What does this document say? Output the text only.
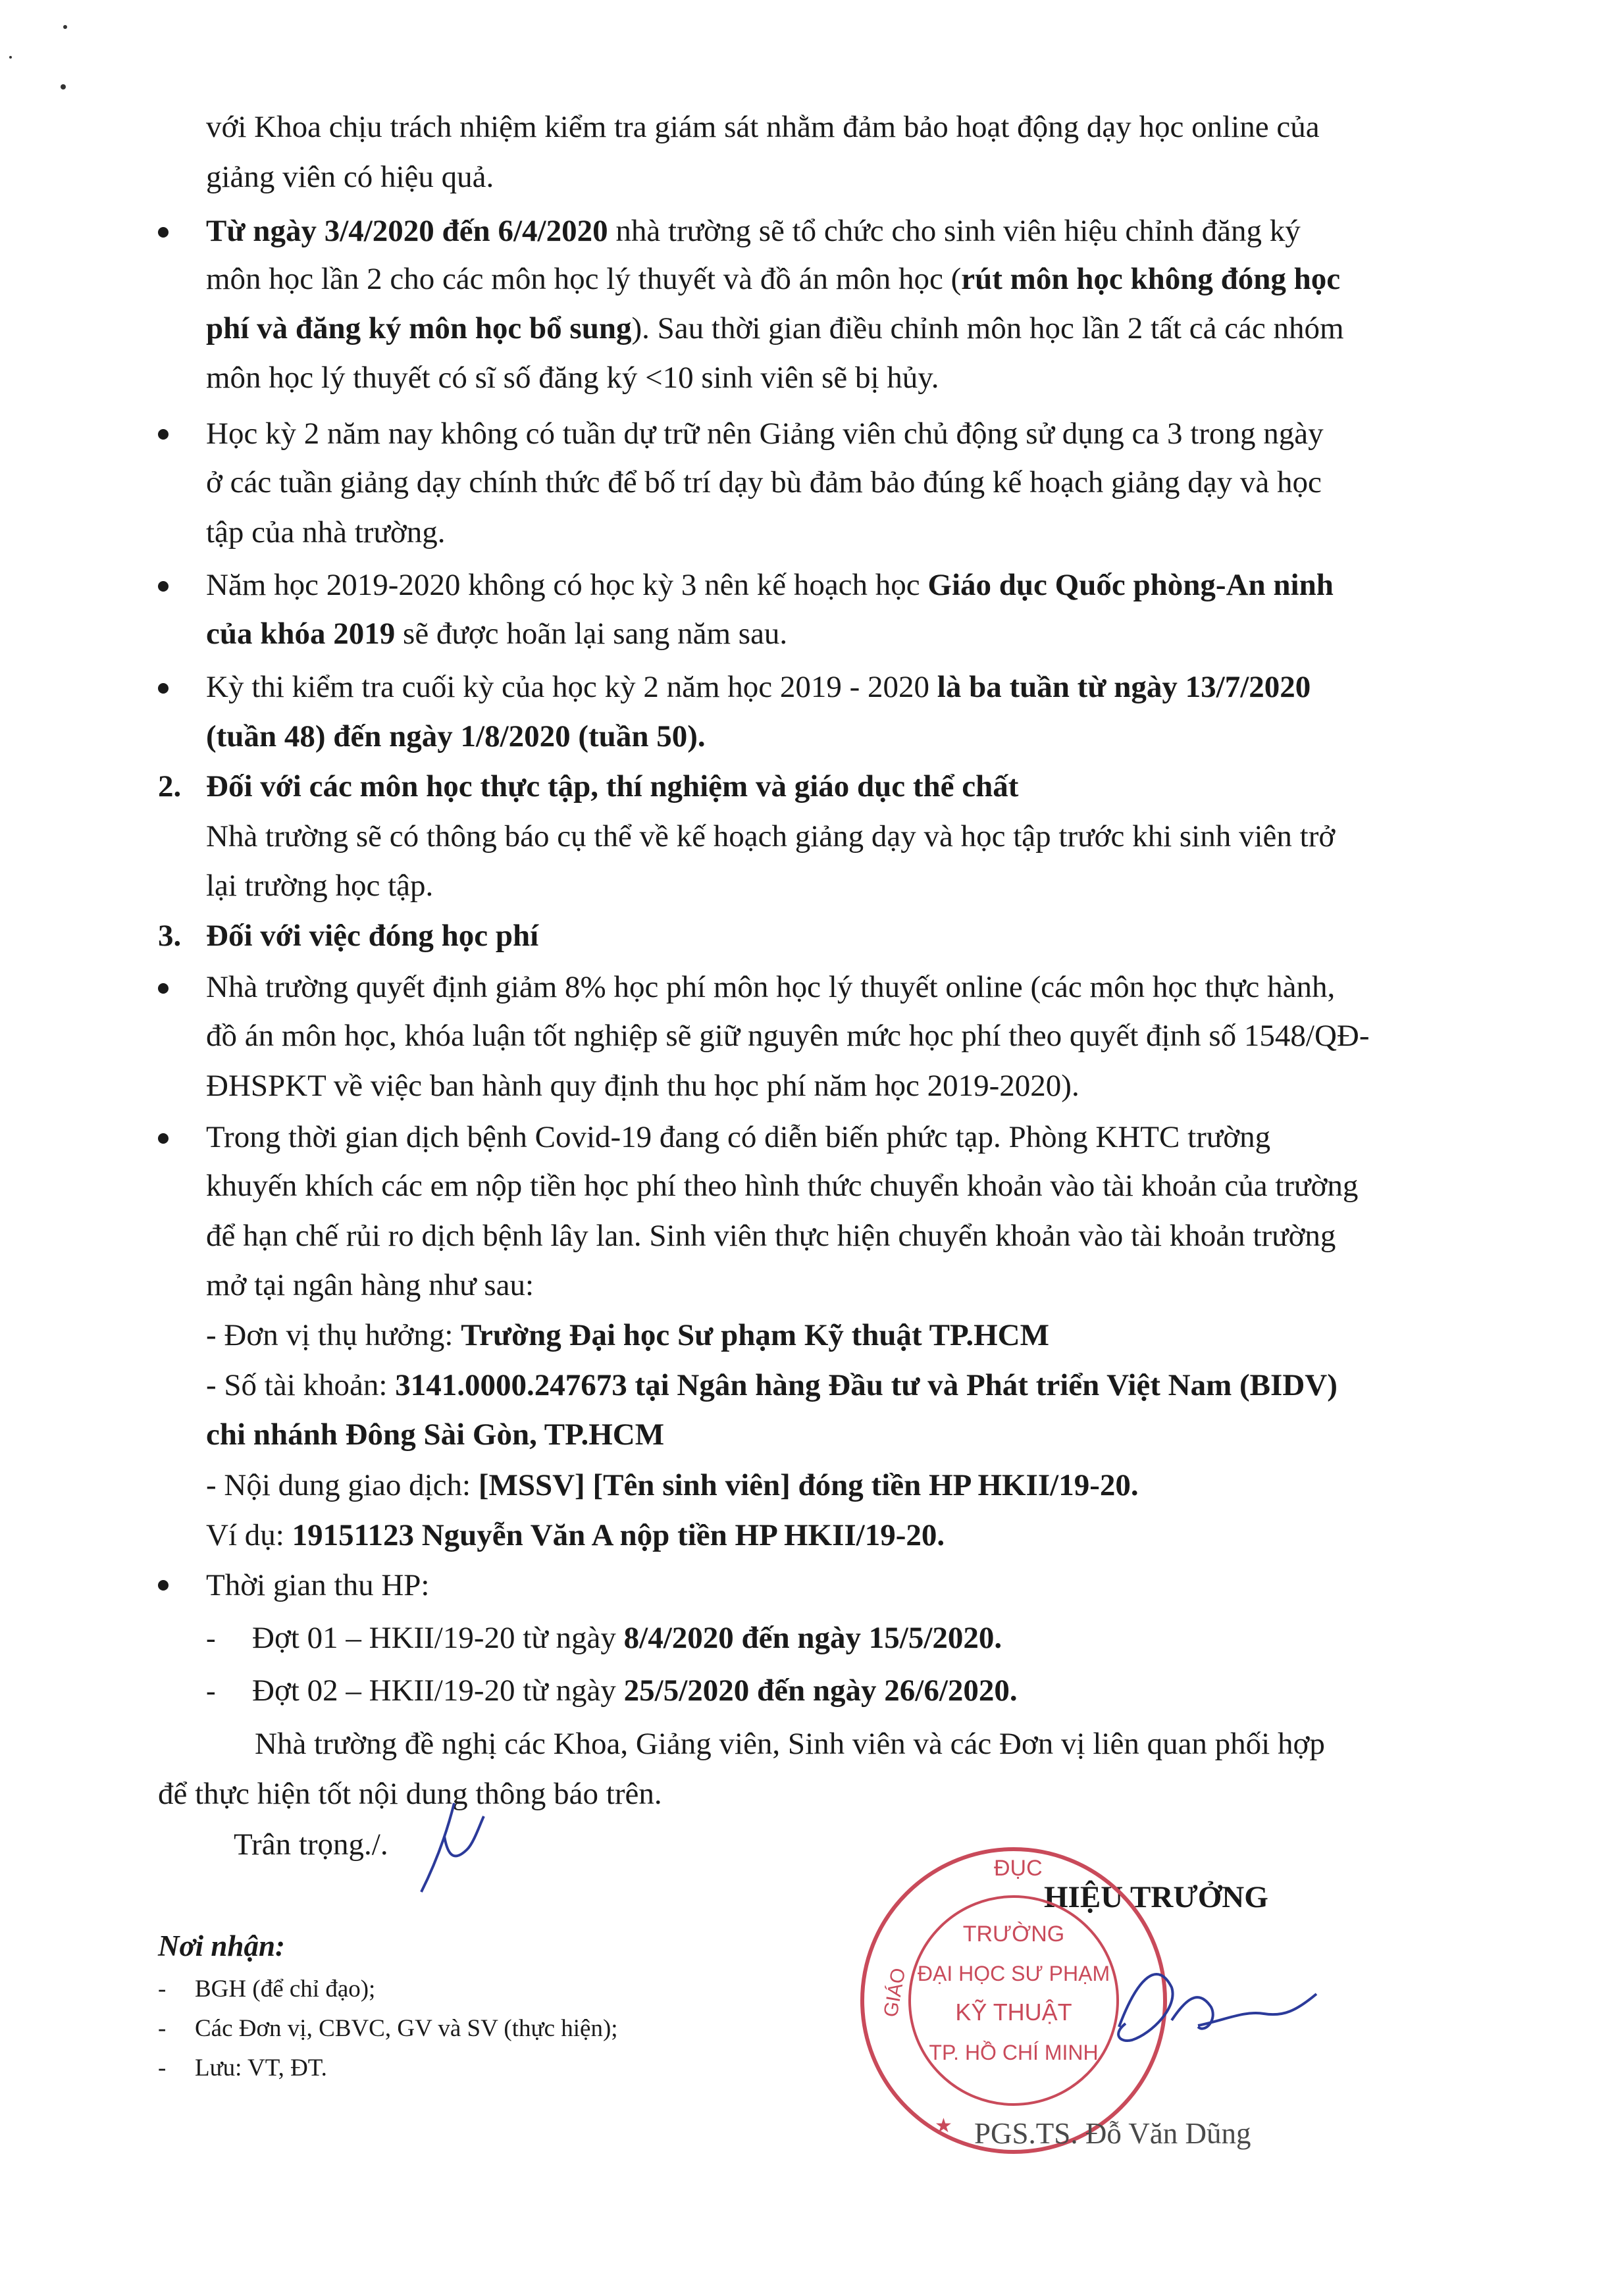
với Khoa chịu trách nhiệm kiểm tra giám sát nhằm đảm bảo hoạt động dạy học online của
giảng viên có hiệu quả.
Từ ngày 3/4/2020 đến 6/4/2020 nhà trường sẽ tổ chức cho sinh viên hiệu chỉnh đăng ký
môn học lần 2 cho các môn học lý thuyết và đồ án môn học (rút môn học không đóng học
phí và đăng ký môn học bổ sung). Sau thời gian điều chỉnh môn học lần 2 tất cả các nhóm
môn học lý thuyết có sĩ số đăng ký <10 sinh viên sẽ bị hủy.
Học kỳ 2 năm nay không có tuần dự trữ nên Giảng viên chủ động sử dụng ca 3 trong ngày
ở các tuần giảng dạy chính thức để bố trí dạy bù đảm bảo đúng kế hoạch giảng dạy và học
tập của nhà trường.
Năm học 2019-2020 không có học kỳ 3 nên kế hoạch học Giáo dục Quốc phòng-An ninh
của khóa 2019 sẽ được hoãn lại sang năm sau.
Kỳ thi kiểm tra cuối kỳ của học kỳ 2 năm học 2019 - 2020 là ba tuần từ ngày 13/7/2020
(tuần 48) đến ngày 1/8/2020 (tuần 50).
2. Đối với các môn học thực tập, thí nghiệm và giáo dục thể chất
Nhà trường sẽ có thông báo cụ thể về kế hoạch giảng dạy và học tập trước khi sinh viên trở
lại trường học tập.
3. Đối với việc đóng học phí
Nhà trường quyết định giảm 8% học phí môn học lý thuyết online (các môn học thực hành,
đồ án môn học, khóa luận tốt nghiệp sẽ giữ nguyên mức học phí theo quyết định số 1548/QĐ-
ĐHSPKT về việc ban hành quy định thu học phí năm học 2019-2020).
Trong thời gian dịch bệnh Covid-19 đang có diễn biến phức tạp. Phòng KHTC trường
khuyến khích các em nộp tiền học phí theo hình thức chuyển khoản vào tài khoản của trường
để hạn chế rủi ro dịch bệnh lây lan. Sinh viên thực hiện chuyển khoản vào tài khoản trường
mở tại ngân hàng như sau:
- Đơn vị thụ hưởng: Trường Đại học Sư phạm Kỹ thuật TP.HCM
- Số tài khoản: 3141.0000.247673 tại Ngân hàng Đầu tư và Phát triển Việt Nam (BIDV)
chi nhánh Đông Sài Gòn, TP.HCM
- Nội dung giao dịch: [MSSV] [Tên sinh viên] đóng tiền HP HKII/19-20.
Ví dụ: 19151123 Nguyễn Văn A nộp tiền HP HKII/19-20.
Thời gian thu HP:
- Đợt 01 – HKII/19-20 từ ngày 8/4/2020 đến ngày 15/5/2020.
- Đợt 02 – HKII/19-20 từ ngày 25/5/2020 đến ngày 26/6/2020.
Nhà trường đề nghị các Khoa, Giảng viên, Sinh viên và các Đơn vị liên quan phối hợp
để thực hiện tốt nội dung thông báo trên.
Trân trọng./.
HIỆU TRƯỞNG
Nơi nhận:
- BGH (để chỉ đạo);
- Các Đơn vị, CBVC, GV và SV (thực hiện);
- Lưu: VT, ĐT.
ĐỤC
GIÁO
TRƯỜNG
ĐẠI HỌC SƯ PHẠM
KỸ THUẬT
TP. HỒ CHÍ MINH
★ PGS.TS. Đỗ Văn Dũng
